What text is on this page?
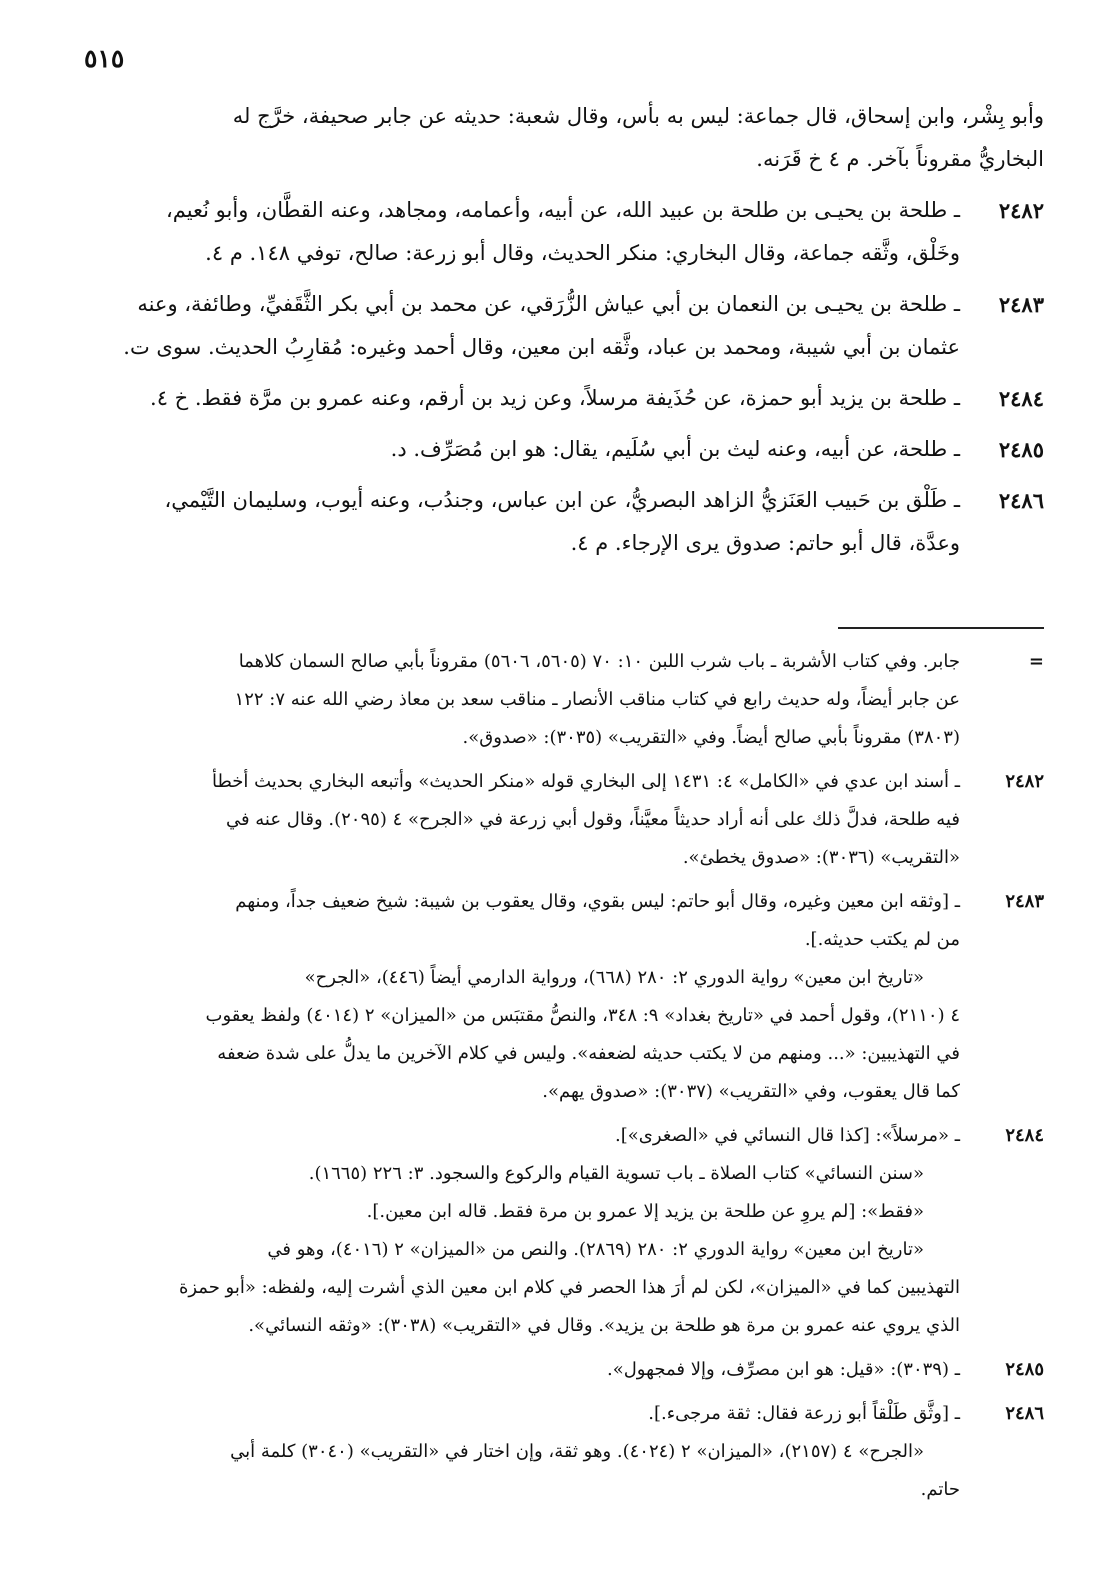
٥١٥

وأبو بِشْر، وابن إسحاق، قال جماعة: ليس به بأس، وقال شعبة: حديثه عن جابر صحيفة، خرَّج له

البخاريُّ مقروناً بآخر. م ٤ خ قَرَنه.

٢٤٨٢

ـ طلحة بن يحيـى بن طلحة بن عبيد الله، عن أبيه، وأعمامه، ومجاهد، وعنه القطَّان، وأبو نُعيم،

وخَلْق، وثَّقه جماعة، وقال البخاري: منكر الحديث، وقال أبو زرعة: صالح، توفي ١٤٨. م ٤.

٢٤٨٣

ـ طلحة بن يحيـى بن النعمان بن أبي عياش الزُّرَقي، عن محمد بن أبي بكر الثَّقَفيِّ، وطائفة، وعنه

عثمان بن أبي شيبة، ومحمد بن عباد، وثَّقه ابن معين، وقال أحمد وغيره: مُقارِبُ الحديث. سوى ت.

٢٤٨٤

ـ طلحة بن يزيد أبو حمزة، عن حُذَيفة مرسلاً، وعن زيد بن أرقم، وعنه عمرو بن مرَّة فقط. خ ٤.

٢٤٨٥

ـ طلحة، عن أبيه، وعنه ليث بن أبي سُلَيم، يقال: هو ابن مُصَرِّف. د.

٢٤٨٦

ـ طَلْق بن حَبيب العَنَزيُّ الزاهد البصريُّ، عن ابن عباس، وجندُب، وعنه أيوب، وسليمان التَّيْمي،

وعدَّة، قال أبو حاتم: صدوق يرى الإرجاء. م ٤.

=

جابر. وفي كتاب الأشربة ـ باب شرب اللبن ١٠: ٧٠ (٥٦٠٥، ٥٦٠٦) مقروناً بأبي صالح السمان كلاهما

عن جابر أيضاً، وله حديث رابع في كتاب مناقب الأنصار ـ مناقب سعد بن معاذ رضي الله عنه ٧: ١٢٢

(٣٨٠٣) مقروناً بأبي صالح أيضاً. وفي «التقريب» (٣٠٣٥): «صدوق».

٢٤٨٢

ـ أسند ابن عدي في «الكامل» ٤: ١٤٣١ إلى البخاري قوله «منكر الحديث» وأتبعه البخاري بحديث أخطأ

فيه طلحة، فدلَّ ذلك على أنه أراد حديثاً معيَّناً، وقول أبي زرعة في «الجرح» ٤ (٢٠٩٥). وقال عنه في

«التقريب» (٣٠٣٦): «صدوق يخطئ».

٢٤٨٣

ـ [وثقه ابن معين وغيره، وقال أبو حاتم: ليس بقوي، وقال يعقوب بن شيبة: شيخ ضعيف جداً، ومنهم

من لم يكتب حديثه.].

«تاريخ ابن معين» رواية الدوري ٢: ٢٨٠ (٦٦٨)، ورواية الدارمي أيضاً (٤٤٦)، «الجرح»

٤ (٢١١٠)، وقول أحمد في «تاريخ بغداد» ٩: ٣٤٨، والنصُّ مقتبَس من «الميزان» ٢ (٤٠١٤) ولفظ يعقوب

في التهذيبين: «... ومنهم من لا يكتب حديثه لضعفه». وليس في كلام الآخرين ما يدلُّ على شدة ضعفه

كما قال يعقوب، وفي «التقريب» (٣٠٣٧): «صدوق يهم».

٢٤٨٤

ـ «مرسلاً»: [كذا قال النسائي في «الصغرى»].

«سنن النسائي» كتاب الصلاة ـ باب تسوية القيام والركوع والسجود. ٣: ٢٢٦ (١٦٦٥).

«فقط»: [لم يروِ عن طلحة بن يزيد إلا عمرو بن مرة فقط. قاله ابن معين.].

«تاريخ ابن معين» رواية الدوري ٢: ٢٨٠ (٢٨٦٩). والنص من «الميزان» ٢ (٤٠١٦)، وهو في

التهذيبين كما في «الميزان»، لكن لم أرَ هذا الحصر في كلام ابن معين الذي أشرت إليه، ولفظه: «أبو حمزة

الذي يروي عنه عمرو بن مرة هو طلحة بن يزيد». وقال في «التقريب» (٣٠٣٨): «وثقه النسائي».

٢٤٨٥

ـ (٣٠٣٩): «قيل: هو ابن مصرِّف، وإلا فمجهول».

٢٤٨٦

ـ [وثَّق طَلْقاً أبو زرعة فقال: ثقة مرجىء.].

«الجرح» ٤ (٢١٥٧)، «الميزان» ٢ (٤٠٢٤). وهو ثقة، وإن اختار في «التقريب» (٣٠٤٠) كلمة أبي

حاتم.
